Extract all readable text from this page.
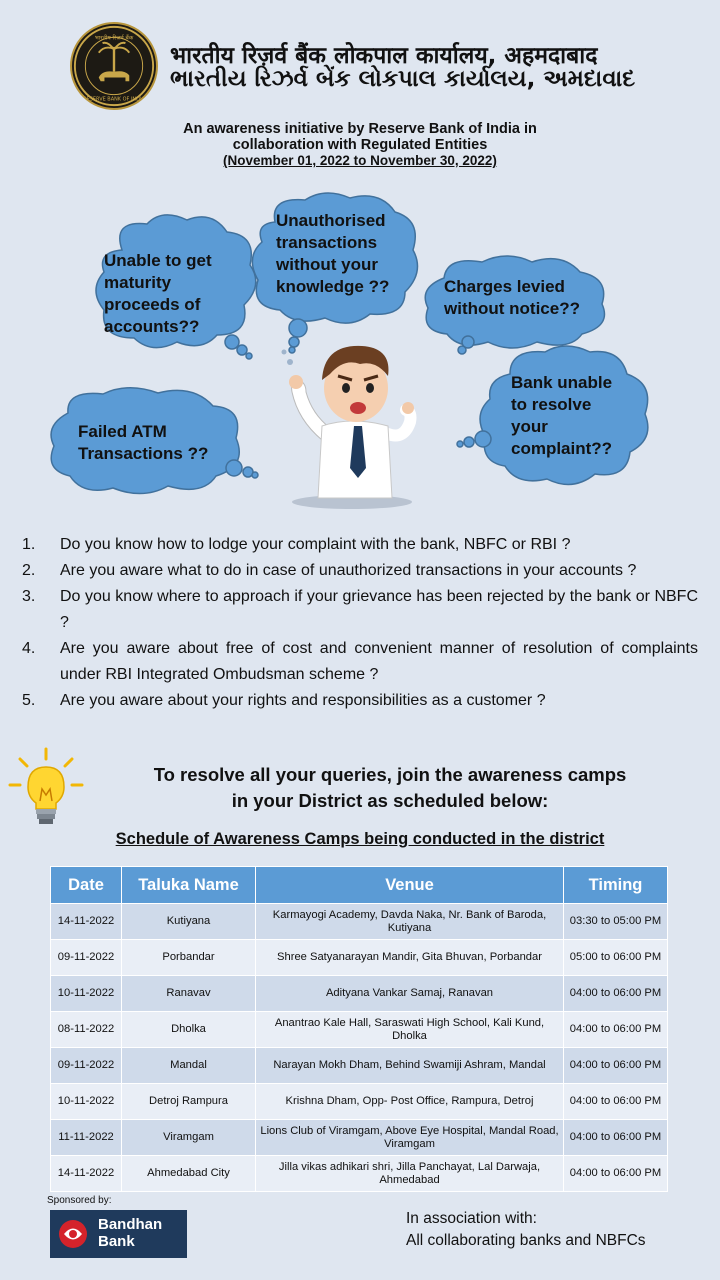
भारतीय रिज़र्व बैंक
RESERVE BANK OF INDIA
भारतीय रिज़र्व बैंक लोकपाल कार्यालय, अहमदाबाद
ભારતીય રિઝર્વ બેંક લોકપાલ કાર્યાલય, અમદાવાદ
An awareness initiative by Reserve Bank of India in
collaboration with Regulated Entities
(November 01, 2022 to November 30, 2022)
Unable to get
maturity
proceeds of
accounts??
Unauthorised
transactions
without your
knowledge ??	Charges levied
without notice??
Failed ATM
Transactions ??
Bank unable
to resolve
your
complaint??
1. Do you know how to lodge your complaint with the bank, NBFC or RBI ?
2. Are you aware what to do in case of unauthorized transactions in your accounts ?
3. Do you know where to approach if your grievance has been rejected by the bank or NBFC ?
4. Are you aware about free of cost and convenient manner of resolution of complaints under RBI Integrated Ombudsman scheme ?
5. Are you aware about your rights and responsibilities as a customer ?
To resolve all your queries, join the awareness camps
in your District as scheduled below:
Schedule of Awareness Camps being conducted in the district
Date	Taluka Name	Venue	Timing
14-11-2022	Kutiyana	Karmayogi Academy, Davda Naka, Nr. Bank of Baroda, Kutiyana	03:30 to 05:00 PM
09-11-2022	Porbandar	Shree Satyanarayan Mandir, Gita Bhuvan, Porbandar	05:00 to 06:00 PM
10-11-2022	Ranavav	Adityana Vankar Samaj, Ranavan	04:00 to 06:00 PM
08-11-2022	Dholka	Anantrao Kale Hall, Saraswati High School, Kali Kund, Dholka	04:00 to 06:00 PM
09-11-2022	Mandal	Narayan Mokh Dham, Behind Swamiji Ashram, Mandal	04:00 to 06:00 PM
10-11-2022	Detroj Rampura	Krishna Dham, Opp- Post Office, Rampura, Detroj	04:00 to 06:00 PM
11-11-2022	Viramgam	Lions Club of Viramgam, Above Eye Hospital, Mandal Road, Viramgam	04:00 to 06:00 PM
14-11-2022	Ahmedabad City	Jilla vikas adhikari shri, Jilla Panchayat, Lal Darwaja, Ahmedabad	04:00 to 06:00 PM
Sponsored by:
Bandhan
Bank
In association with:
All collaborating banks and NBFCs
